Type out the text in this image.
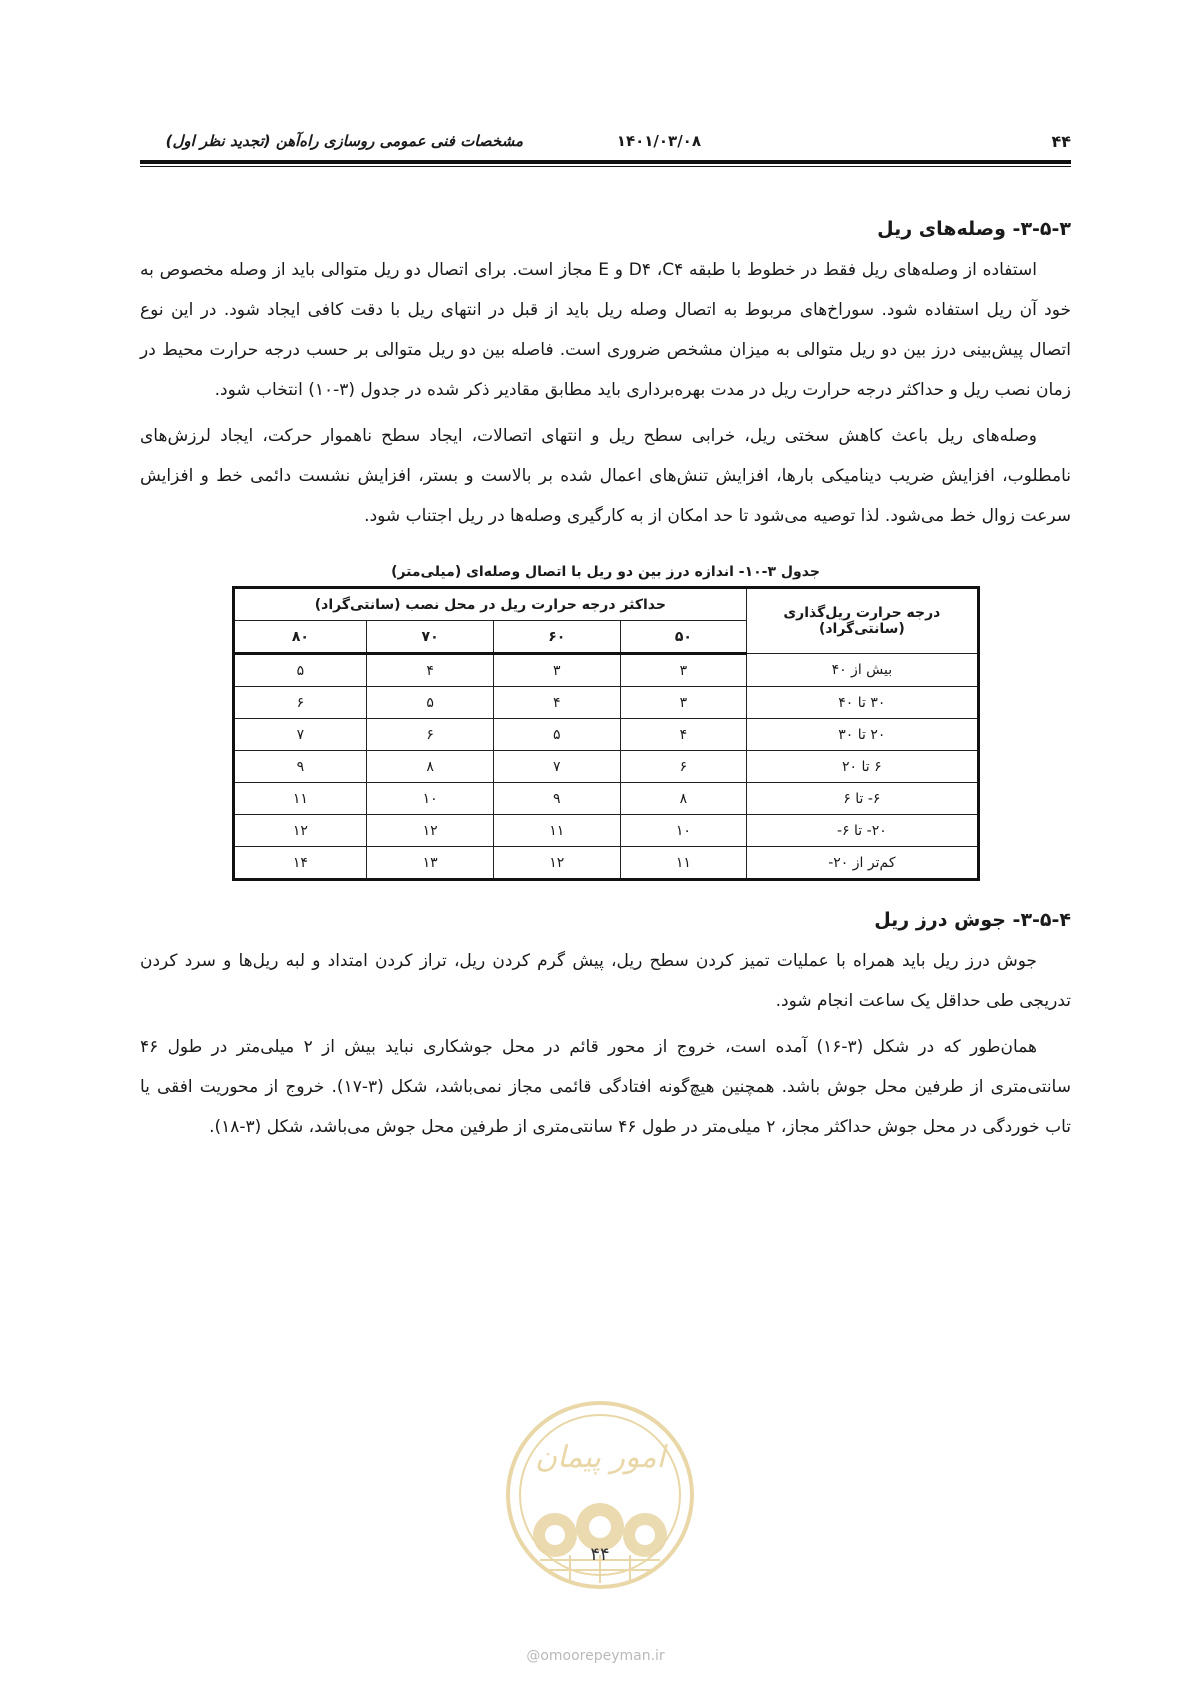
۴۴
مشخصات فنی عمومی روسازی راه‌آهن (تجدید نظر اول)	۱۴۰۱/۰۳/۰۸
۳-۵-۳- وصله‌های ریل

استفاده از وصله‌های ریل فقط در خطوط با طبقه D۴ ،C۴ و E مجاز است. برای اتصال دو ریل متوالی باید از وصله مخصوص به خود آن ریل استفاده شود. سوراخ‌های مربوط به اتصال وصله ریل باید از قبل در انتهای ریل با دقت کافی ایجاد شود. در این نوع اتصال پیش‌بینی درز بین دو ریل متوالی به میزان مشخص ضروری است. فاصله بین دو ریل متوالی بر حسب درجه حرارت محیط در زمان نصب ریل و حداکثر درجه حرارت ریل در مدت بهره‌برداری باید مطابق مقادیر ذکر شده در جدول (۳-۱۰) انتخاب شود.

وصله‌های ریل باعث کاهش سختی ریل، خرابی سطح ریل و انتهای اتصالات، ایجاد سطح ناهموار حرکت، ایجاد لرزش‌های نامطلوب، افزایش ضریب دینامیکی بارها، افزایش تنش‌های اعمال شده بر بالاست و بستر، افزایش نشست دائمی خط و افزایش سرعت زوال خط می‌شود. لذا توصیه می‌شود تا حد امکان از به کارگیری وصله‌ها در ریل اجتناب شود.

جدول ۳-۱۰- اندازه درز بین دو ریل با اتصال وصله‌ای (میلی‌متر)
درجه حرارت ریل‌گذاری
(سانتی‌گراد)	حداکثر درجه حرارت ریل در محل نصب (سانتی‌گراد)			
	۵۰	۶۰	۷۰	۸۰
بیش از ۴۰	۳	۳	۴	۵
۳۰ تا ۴۰	۳	۴	۵	۶
۲۰ تا ۳۰	۴	۵	۶	۷
۶ تا ۲۰	۶	۷	۸	۹
۶- تا ۶	۸	۹	۱۰	۱۱
۲۰- تا ۶-	۱۰	۱۱	۱۲	۱۲
کم‌تر از ۲۰-	۱۱	۱۲	۱۳	۱۴
۳-۵-۴- جوش درز ریل

جوش درز ریل باید همراه با عملیات تمیز کردن سطح ریل، پیش گرم کردن ریل، تراز کردن امتداد و لبه ریل‌ها و سرد کردن تدریجی طی حداقل یک ساعت انجام شود.

همان‌طور که در شکل (۳-۱۶) آمده است، خروج از محور قائم در محل جوشکاری نباید بیش از ۲ میلی‌متر در طول ۴۶ سانتی‌متری از طرفین محل جوش باشد. همچنین هیچ‌گونه افتادگی قائمی مجاز نمی‌باشد، شکل (۳-۱۷). خروج از محوریت افقی یا تاب خوردگی در محل جوش حداکثر مجاز، ۲ میلی‌متر در طول ۴۶ سانتی‌متری از طرفین محل جوش می‌باشد، شکل (۳-۱۸).

امور پیمان
۴۴
@omoorepeyman.ir
